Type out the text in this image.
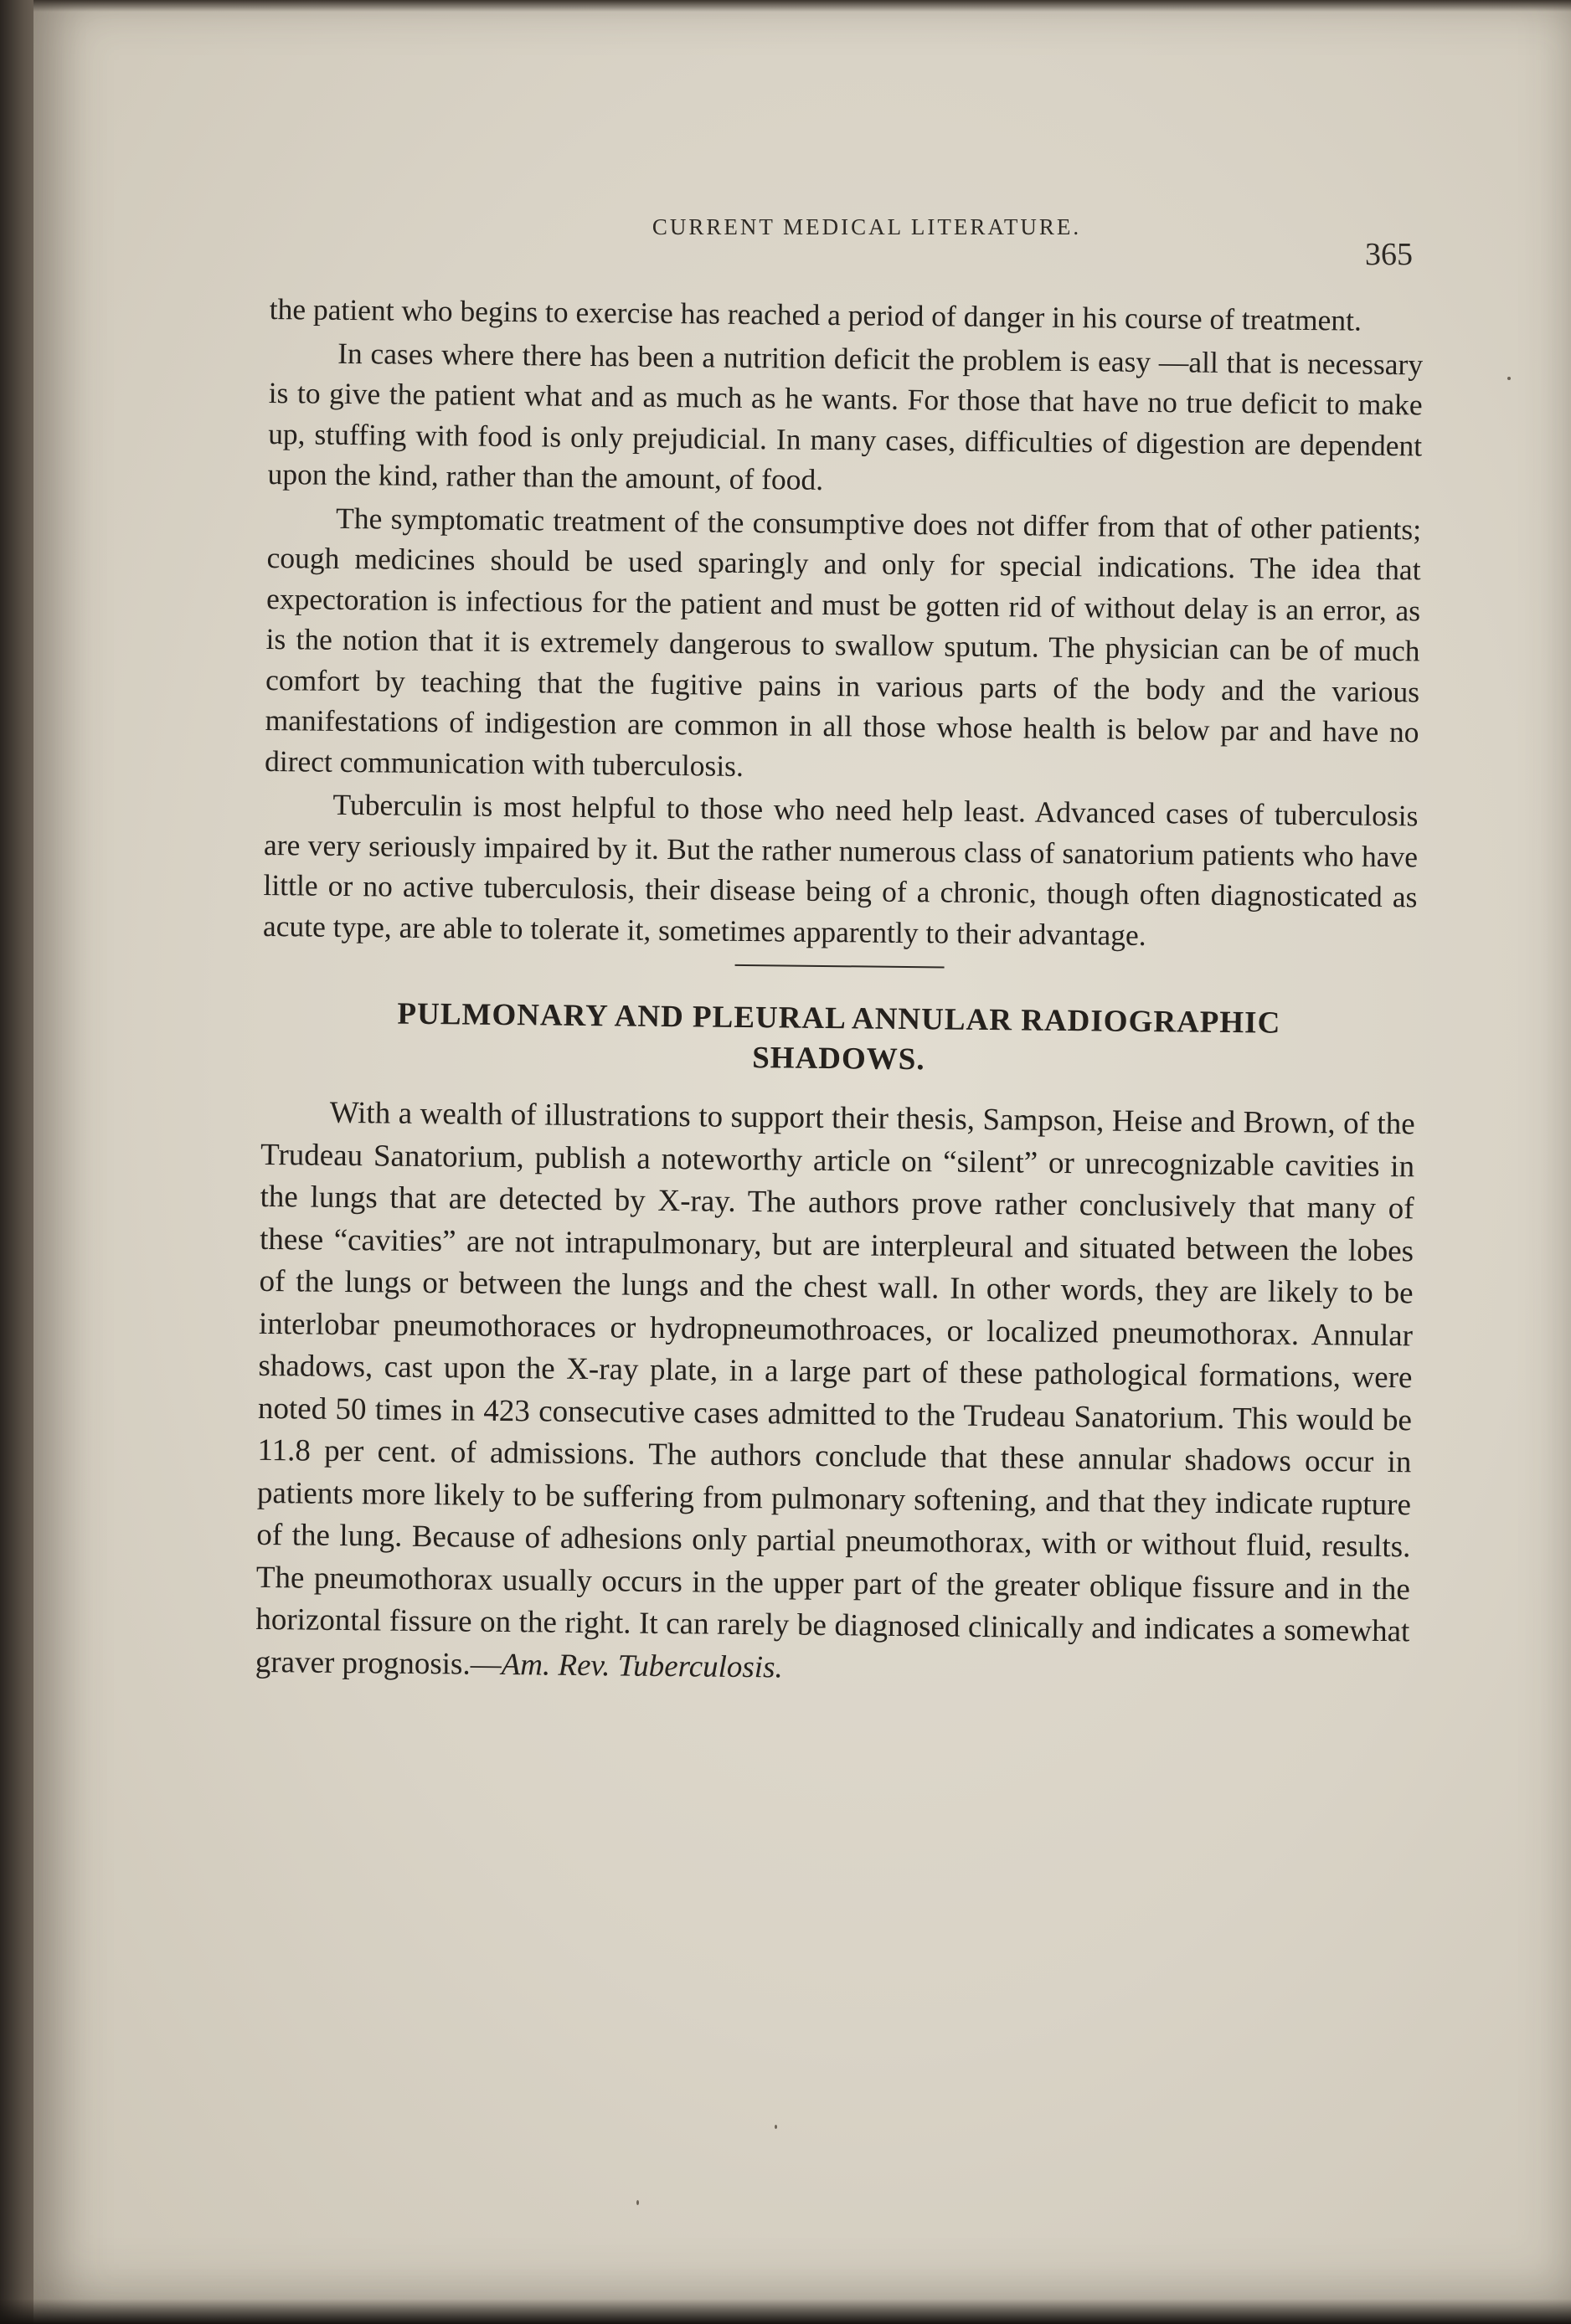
CURRENT MEDICAL LITERATURE.
365

the patient who begins to exercise has reached a period of danger in his course of treatment.

In cases where there has been a nutrition deficit the problem is easy —all that is necessary is to give the patient what and as much as he wants. For those that have no true deficit to make up, stuffing with food is only prejudicial. In many cases, difficulties of digestion are dependent upon the kind, rather than the amount, of food.

The symptomatic treatment of the consumptive does not differ from that of other patients; cough medicines should be used sparingly and only for special indications. The idea that expectoration is infectious for the patient and must be gotten rid of without delay is an error, as is the notion that it is extremely dangerous to swallow sputum. The physician can be of much comfort by teaching that the fugitive pains in various parts of the body and the various manifestations of indigestion are common in all those whose health is below par and have no direct communication with tuberculosis.

Tuberculin is most helpful to those who need help least. Advanced cases of tuberculosis are very seriously impaired by it. But the rather numerous class of sanatorium patients who have little or no active tuberculosis, their disease being of a chronic, though often diagnosticated as acute type, are able to tolerate it, sometimes apparently to their advantage.

PULMONARY AND PLEURAL ANNULAR RADIOGRAPHIC
SHADOWS.

With a wealth of illustrations to support their thesis, Sampson, Heise and Brown, of the Trudeau Sanatorium, publish a noteworthy article on “silent” or unrecognizable cavities in the lungs that are detected by X-ray. The authors prove rather conclusively that many of these “cavities” are not intrapulmonary, but are interpleural and situated between the lobes of the lungs or between the lungs and the chest wall. In other words, they are likely to be interlobar pneumothoraces or hydropneumothroaces, or localized pneumothorax. Annular shadows, cast upon the X-ray plate, in a large part of these pathological formations, were noted 50 times in 423 consecutive cases admitted to the Trudeau Sanatorium. This would be 11.8 per cent. of admissions. The authors conclude that these annular shadows occur in patients more likely to be suffering from pulmonary softening, and that they indicate rupture of the lung. Because of adhesions only partial pneumothorax, with or without fluid, results. The pneumothorax usually occurs in the upper part of the greater oblique fissure and in the horizontal fissure on the right. It can rarely be diagnosed clinically and indicates a somewhat graver prognosis.—Am. Rev. Tuberculosis.
